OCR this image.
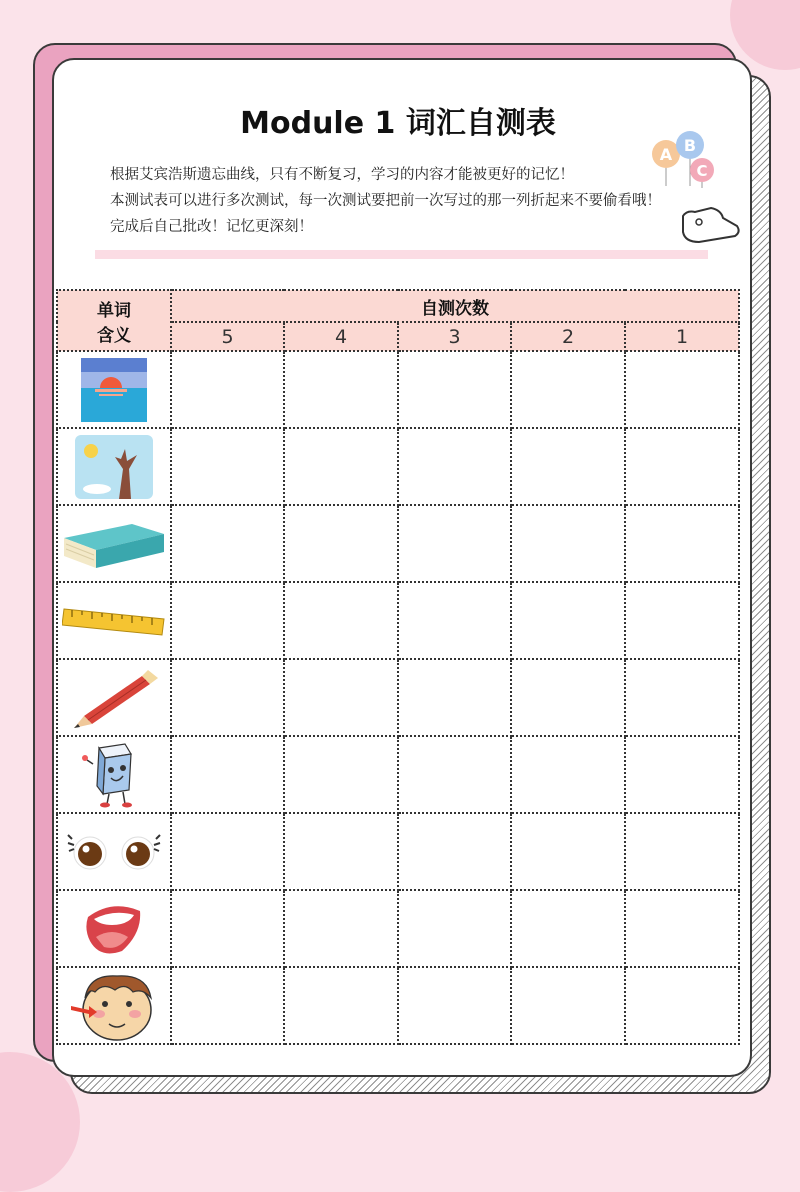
Module 1 词汇自测表
根据艾宾浩斯遗忘曲线，只有不断复习，学习的内容才能被更好的记忆！
本测试表可以进行多次测试，每一次测试要把前一次写过的那一列折起来不要偷看哦！
完成后自己批改！记忆更深刻！
A B
C
单词
含义	自测次数				
	5	4	3	2	1
